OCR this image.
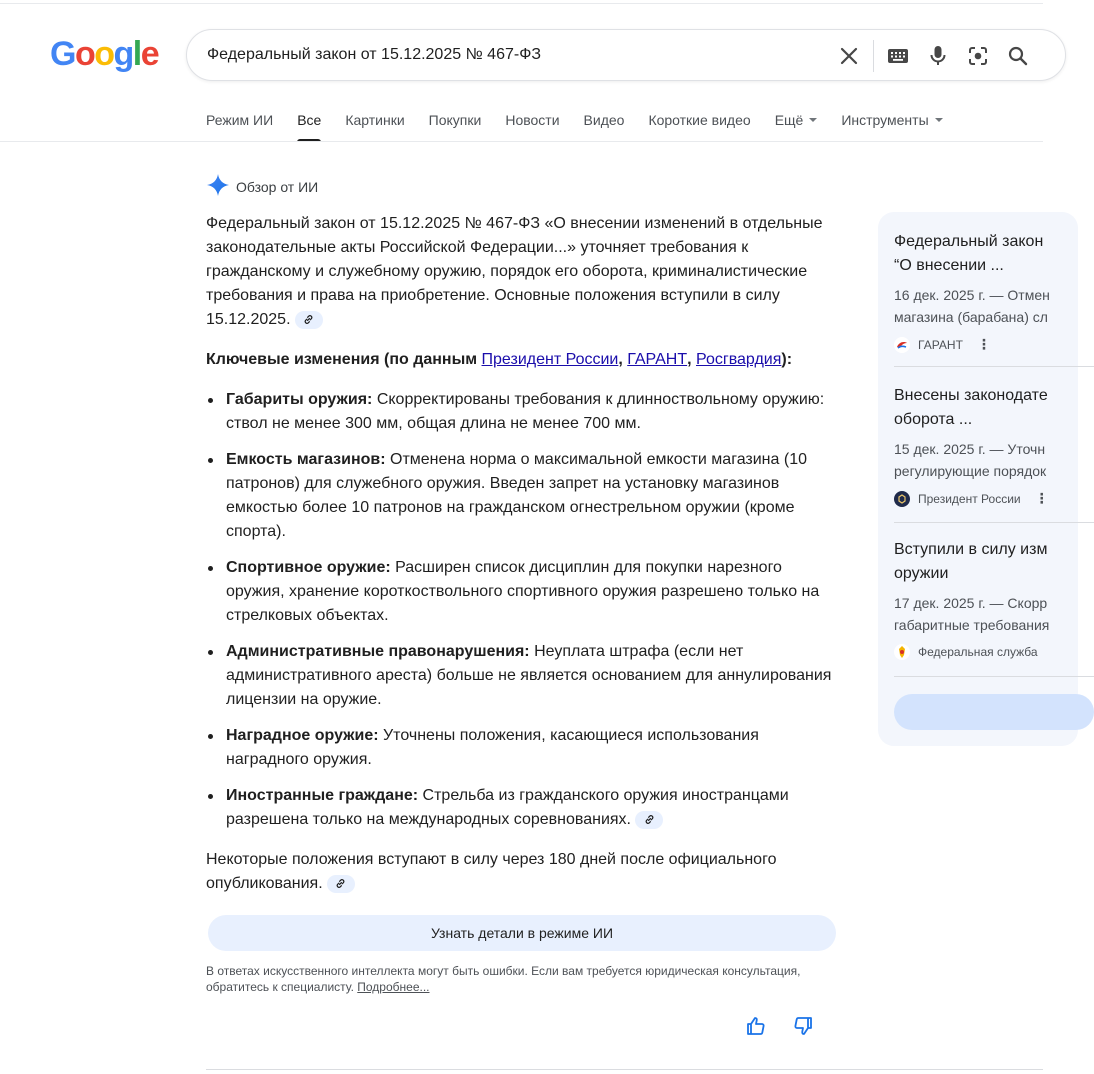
Google
Федеральный закон от 15.12.2025 № 467-ФЗ
Режим ИИ Все Картинки Покупки Новости Видео Короткие видео Ещё	Инструменты
Обзор от ИИ

Федеральный закон от 15.12.2025 № 467-ФЗ «О внесении изменений в отдельные законодательные акты Российской Федерации...» уточняет требования к гражданскому и служебному оружию, порядок его оборота, криминалистические требования и права на приобретение. Основные положения вступили в силу 15.12.2025.

Ключевые изменения (по данным Президент России, ГАРАНТ, Росгвардия):

Габариты оружия: Скорректированы требования к длинноствольному оружию: ствол не менее 300 мм, общая длина не менее 700 мм.
Емкость магазинов: Отменена норма о максимальной емкости магазина (10 патронов) для служебного оружия. Введен запрет на установку магазинов емкостью более 10 патронов на гражданском огнестрельном оружии (кроме спорта).
Спортивное оружие: Расширен список дисциплин для покупки нарезного оружия, хранение короткоствольного спортивного оружия разрешено только на стрелковых объектах.
Административные правонарушения: Неуплата штрафа (если нет административного ареста) больше не является основанием для аннулирования лицензии на оружие.
Наградное оружие: Уточнены положения, касающиеся использования наградного оружия.
Иностранные граждане: Стрельба из гражданского оружия иностранцами разрешена только на международных соревнованиях.

Некоторые положения вступают в силу через 180 дней после официального опубликования.

Узнать детали в режиме ИИ
В ответах искусственного интеллекта могут быть ошибки. Если вам требуется юридическая консультация, обратитесь к специалисту. Подробнее...
Федеральный закон
“О внесении ...
16 дек. 2025 г. — Отмен
магазина (барабана) сл
ГАРАНТ ⋮
Внесены законодате
оборота ...
15 дек. 2025 г. — Уточн
регулирующие порядок
Президент России ⋮
Вступили в силу изм
оружии
17 дек. 2025 г. — Скорр
габаритные требования
Федеральная служба
